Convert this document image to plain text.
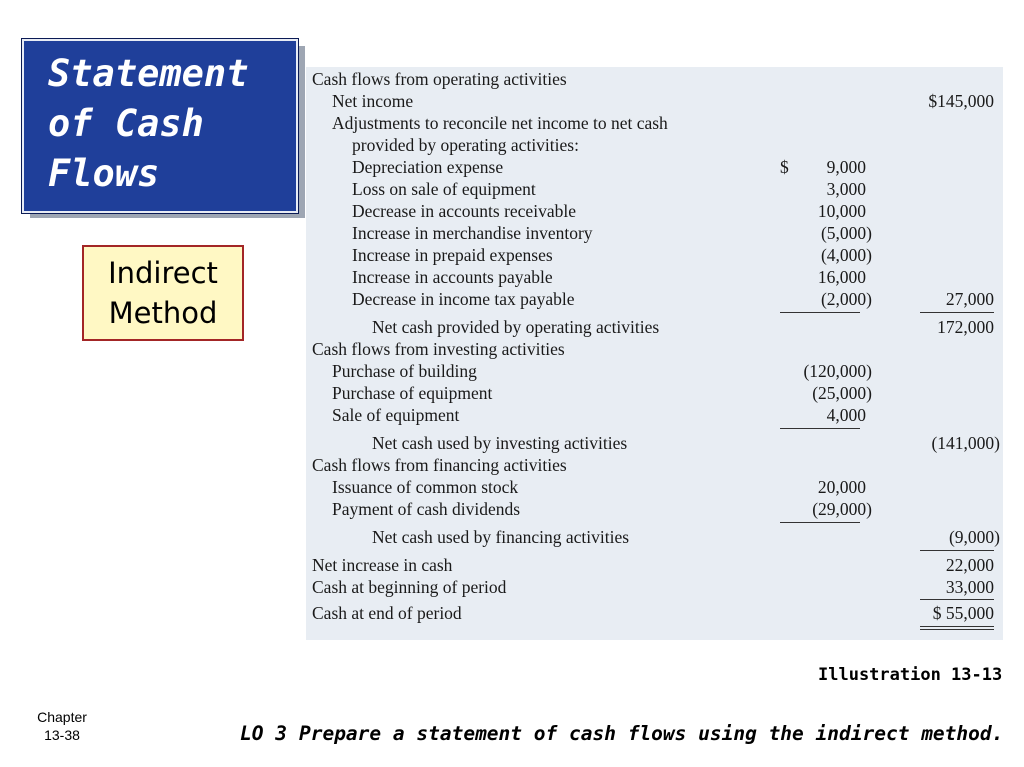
Statement
of Cash
Flows
Indirect
Method
Cash flows from operating activities
Net income	$145,000
Adjustments to reconcile net income to net cash
provided by operating activities:
Depreciation expense	$ 9,000
Loss on sale of equipment	3,000
Decrease in accounts receivable	10,000
Increase in merchandise inventory	(5,000)
Increase in prepaid expenses	(4,000)
Increase in accounts payable	16,000
Decrease in income tax payable	(2,000)	27,000
Net cash provided by operating activities	172,000
Cash flows from investing activities
Purchase of building	(120,000)
Purchase of equipment	(25,000)
Sale of equipment	4,000
Net cash used by investing activities	(141,000)
Cash flows from financing activities
Issuance of common stock	20,000
Payment of cash dividends	(29,000)
Net cash used by financing activities	(9,000)
Net increase in cash	22,000
Cash at beginning of period	33,000
Cash at end of period	$ 55,000
Illustration 13-13
Chapter
13-38	LO 3 Prepare a statement of cash flows using the indirect method.
